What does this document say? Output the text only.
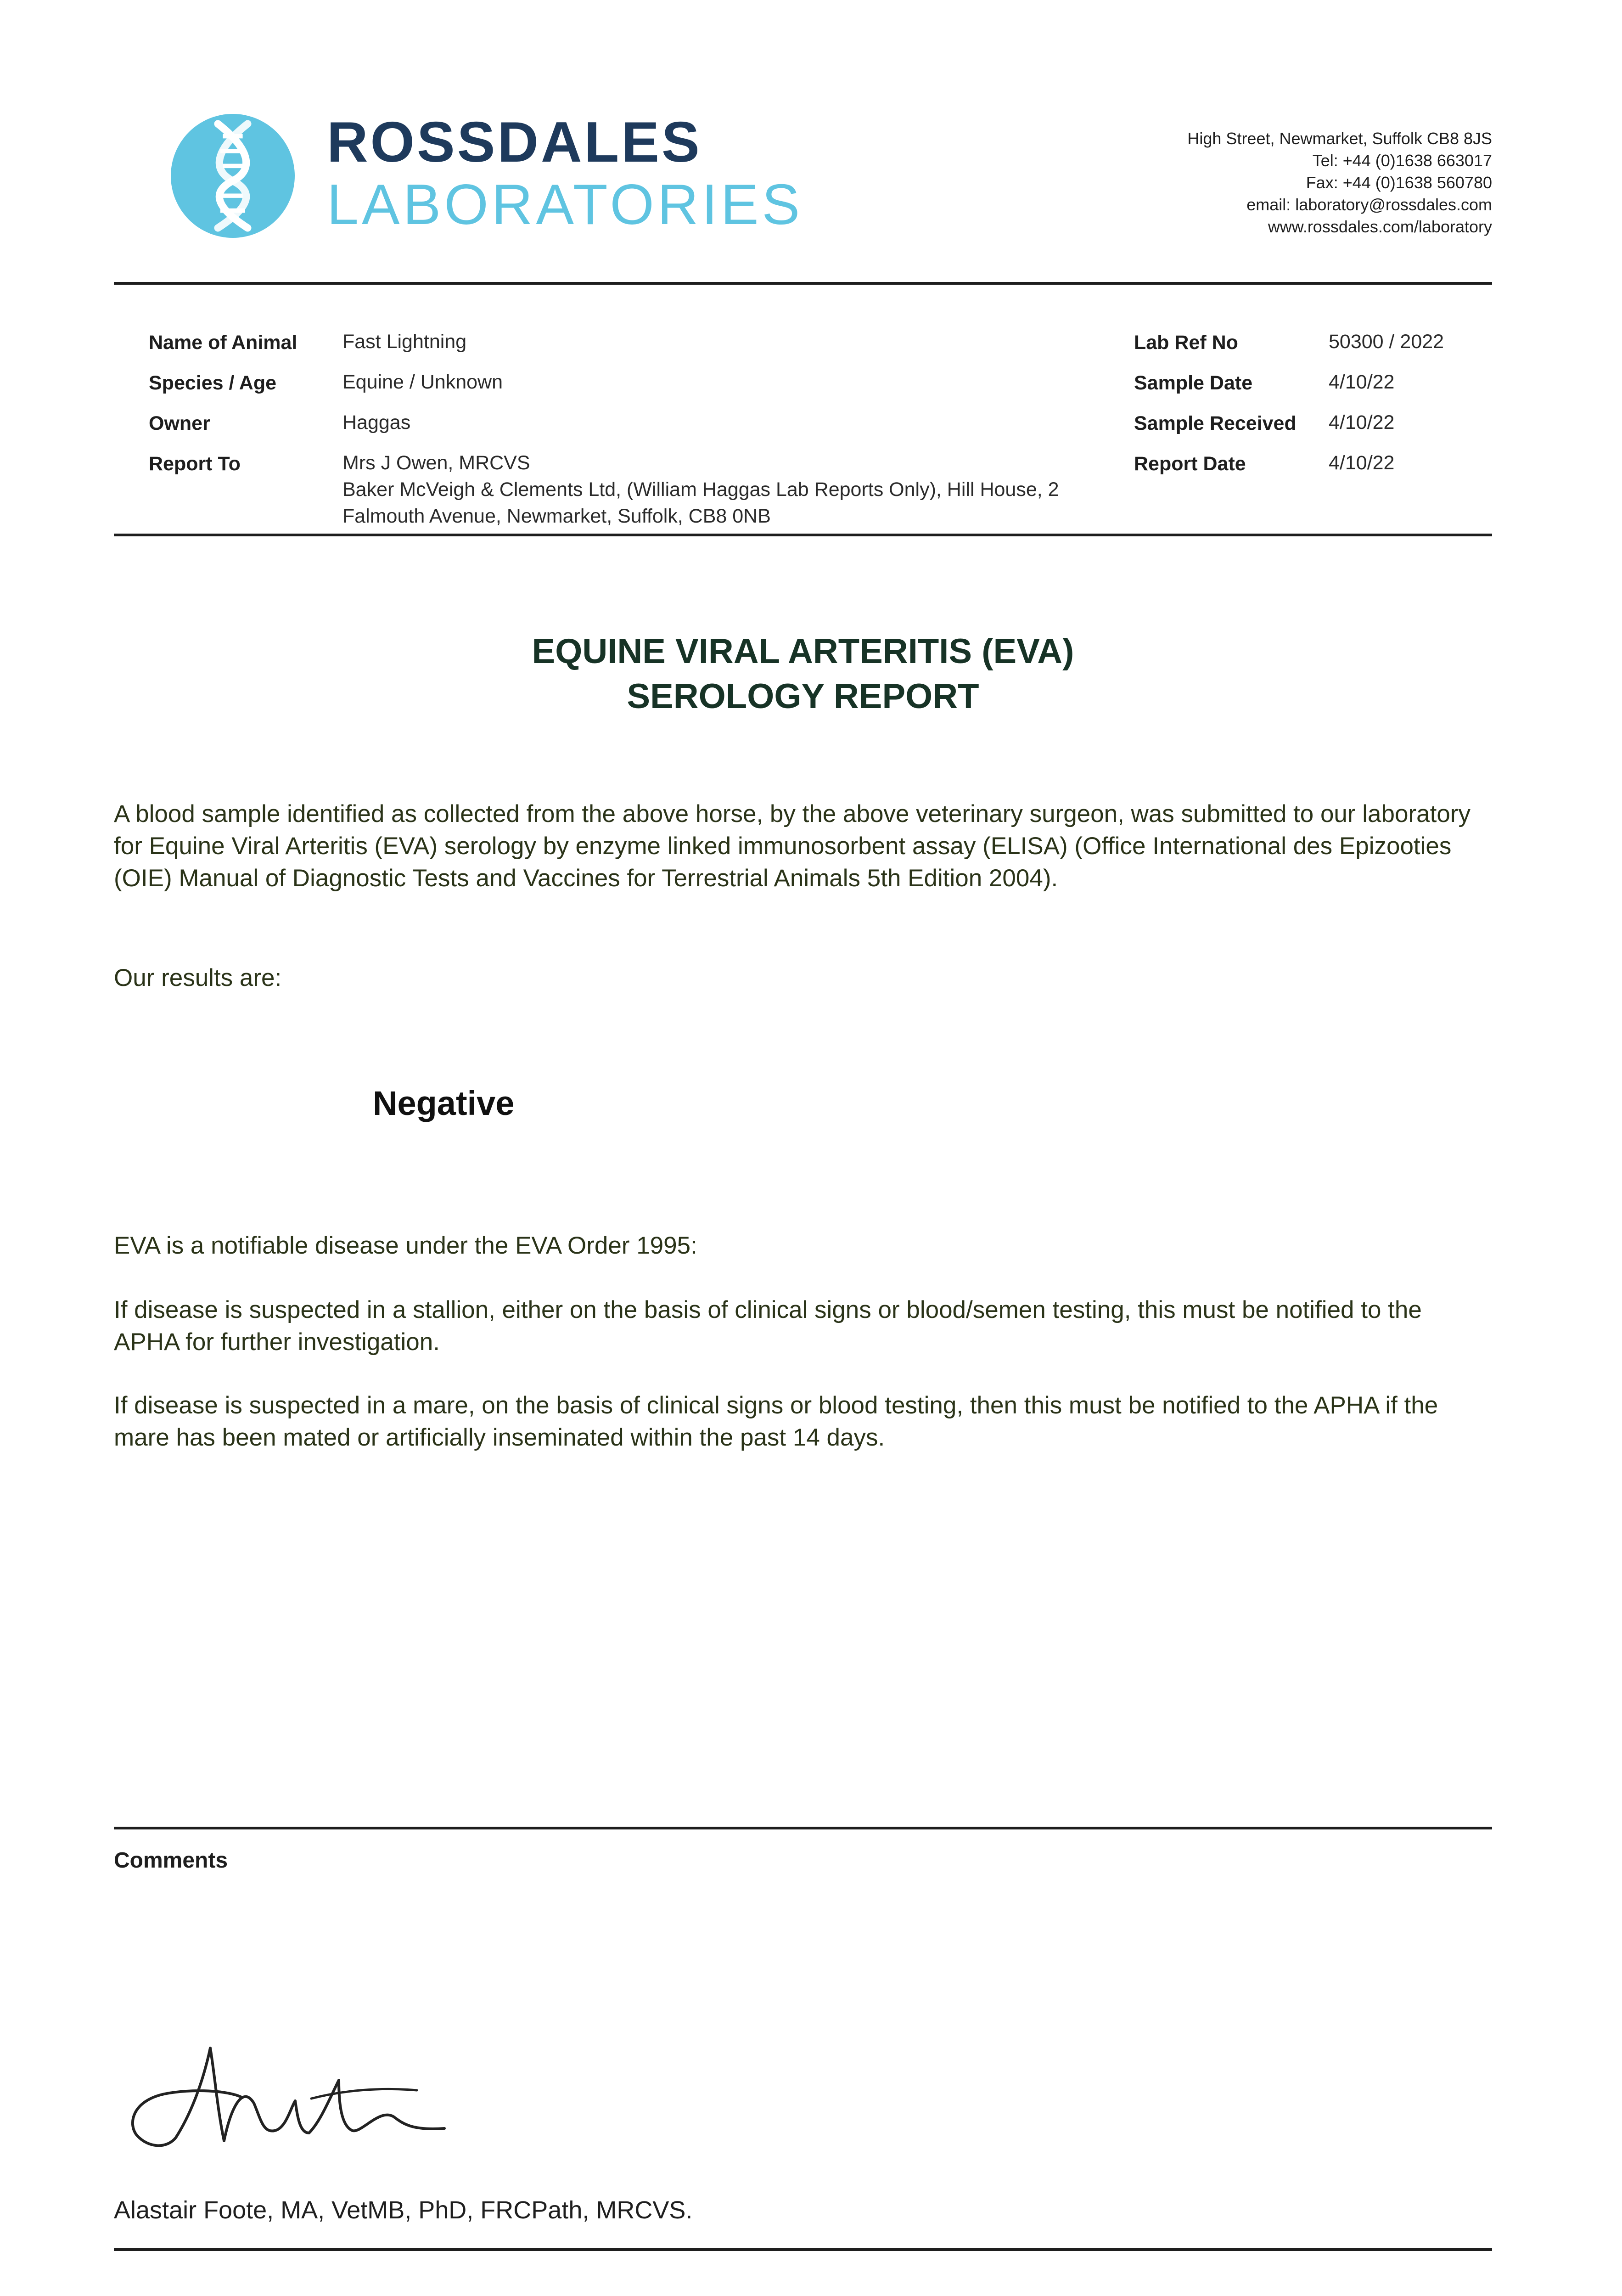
ROSSDALES
LABORATORIES
High Street, Newmarket, Suffolk CB8 8JS
Tel: +44 (0)1638 663017
Fax: +44 (0)1638 560780
email: laboratory@rossdales.com
www.rossdales.com/laboratory
Name of Animal Fast Lightning
Species / Age	Equine / Unknown
Owner	Haggas
Report To	Mrs J Owen, MRCVS
Baker McVeigh & Clements Ltd, (William Haggas Lab Reports Only), Hill House, 2
Falmouth Avenue, Newmarket, Suffolk, CB8 0NB
Lab Ref No	50300 / 2022
Sample Date	4/10/22
Sample Received 4/10/22
Report Date	4/10/22
EQUINE VIRAL ARTERITIS (EVA)
SEROLOGY REPORT
A blood sample identified as collected from the above horse, by the above veterinary surgeon, was submitted to our laboratory for Equine Viral Arteritis (EVA) serology by enzyme linked immunosorbent assay (ELISA) (Office International des Epizooties (OIE) Manual of Diagnostic Tests and Vaccines for Terrestrial Animals 5th Edition 2004).
Our results are:
Negative
EVA is a notifiable disease under the EVA Order 1995:
If disease is suspected in a stallion, either on the basis of clinical signs or blood/semen testing, this must be notified to the APHA for further investigation.
If disease is suspected in a mare, on the basis of clinical signs or blood testing, then this must be notified to the APHA if the mare has been mated or artificially inseminated within the past 14 days.
Comments
Alastair Foote, MA, VetMB, PhD, FRCPath, MRCVS.
